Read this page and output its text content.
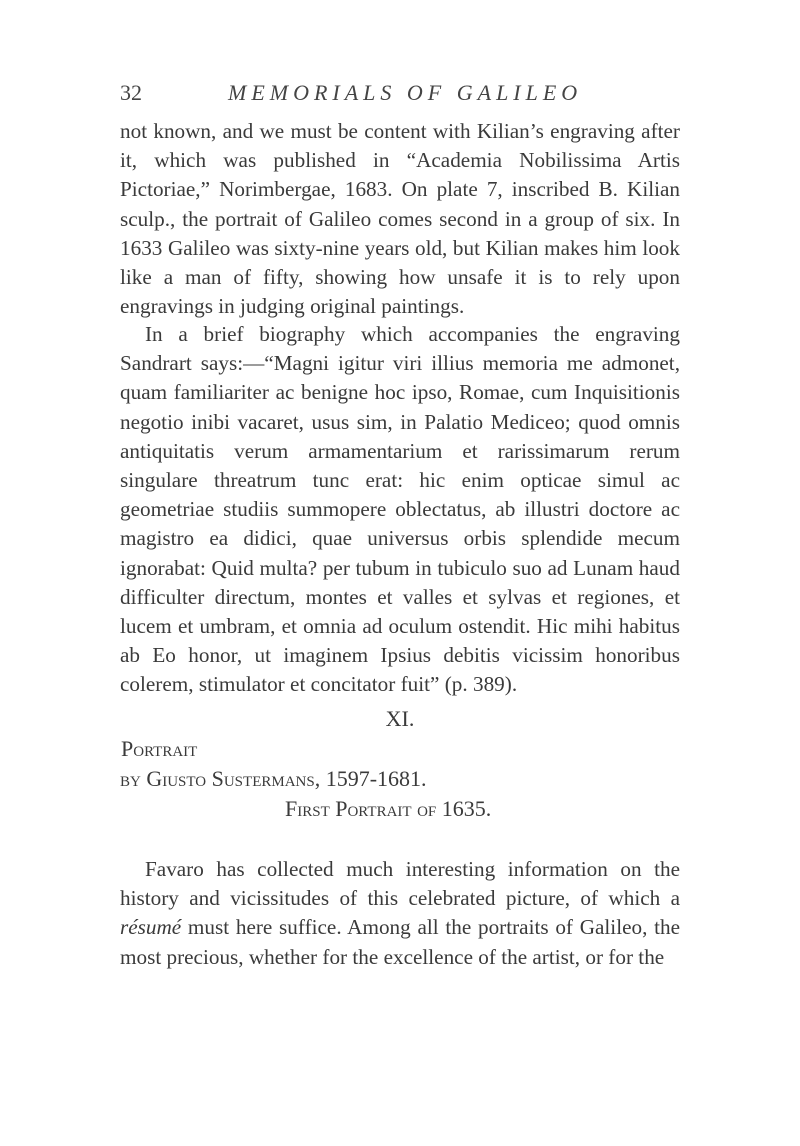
32	MEMORIALS OF GALILEO

not known, and we must be content with Kilian’s engraving after it, which was published in “Academia Nobilissima Artis Pictoriae,” Norimbergae, 1683. On plate 7, inscribed B. Kilian sculp., the portrait of Galileo comes second in a group of six. In 1633 Galileo was sixty-nine years old, but Kilian makes him look like a man of fifty, showing how unsafe it is to rely upon engravings in judging original paintings.

In a brief biography which accompanies the engraving Sandrart says:—“Magni igitur viri illius memoria me admonet, quam familiariter ac benigne hoc ipso, Romae, cum Inquisitionis negotio inibi vacaret, usus sim, in Palatio Mediceo; quod omnis antiquitatis verum armamentarium et rarissimarum rerum singulare threatrum tunc erat: hic enim opticae simul ac geometriae studiis summopere oblectatus, ab illustri doctore ac magistro ea didici, quae universus orbis splendide mecum ignorabat: Quid multa? per tubum in tubiculo suo ad Lunam haud difficulter directum, montes et valles et sylvas et regiones, et lucem et umbram, et omnia ad oculum ostendit. Hic mihi habitus ab Eo honor, ut imaginem Ipsius debitis vicissim honoribus colerem, stimulator et concitator fuit” (p. 389).

XI.
Portrait
by Giusto Sustermans, 1597-1681.
First Portrait of 1635.

Favaro has collected much interesting information on the history and vicissitudes of this celebrated picture, of which a résumé must here suffice. Among all the portraits of Galileo, the most precious, whether for the excellence of the artist, or for the
